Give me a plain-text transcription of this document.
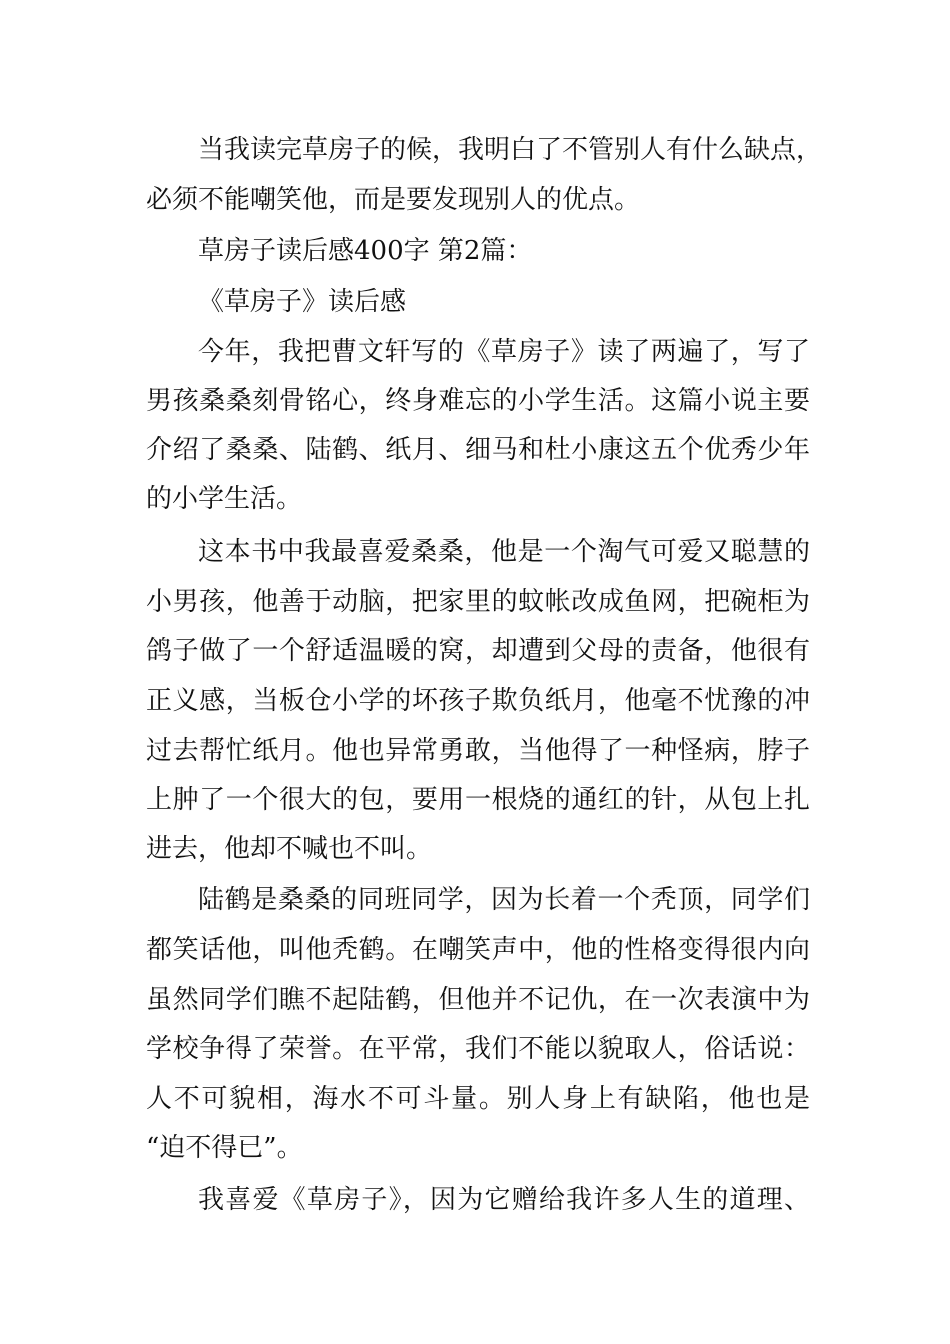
当我读完草房子的候，我明白了不管别人有什么缺点，
必须不能嘲笑他，而是要发现别人的优点。
草房子读后感400字 第2篇：
《草房子》读后感
今年，我把曹文轩写的《草房子》读了两遍了，写了
男孩桑桑刻骨铭心，终身难忘的小学生活。这篇小说主要
介绍了桑桑、陆鹤、纸月、细马和杜小康这五个优秀少年
的小学生活。
这本书中我最喜爱桑桑，他是一个淘气可爱又聪慧的
小男孩，他善于动脑，把家里的蚊帐改成鱼网，把碗柜为
鸽子做了一个舒适温暖的窝，却遭到父母的责备，他很有
正义感，当板仓小学的坏孩子欺负纸月，他毫不忧豫的冲
过去帮忙纸月。他也异常勇敢，当他得了一种怪病，脖子
上肿了一个很大的包，要用一根烧的通红的针，从包上扎
进去，他却不喊也不叫。
陆鹤是桑桑的同班同学，因为长着一个秃顶，同学们
都笑话他，叫他秃鹤。在嘲笑声中，他的性格变得很内向
虽然同学们瞧不起陆鹤，但他并不记仇，在一次表演中为
学校争得了荣誉。在平常，我们不能以貌取人，俗话说：
人不可貌相，海水不可斗量。别人身上有缺陷，他也是
“迫不得已”。
我喜爱《草房子》，因为它赠给我许多人生的道理、
